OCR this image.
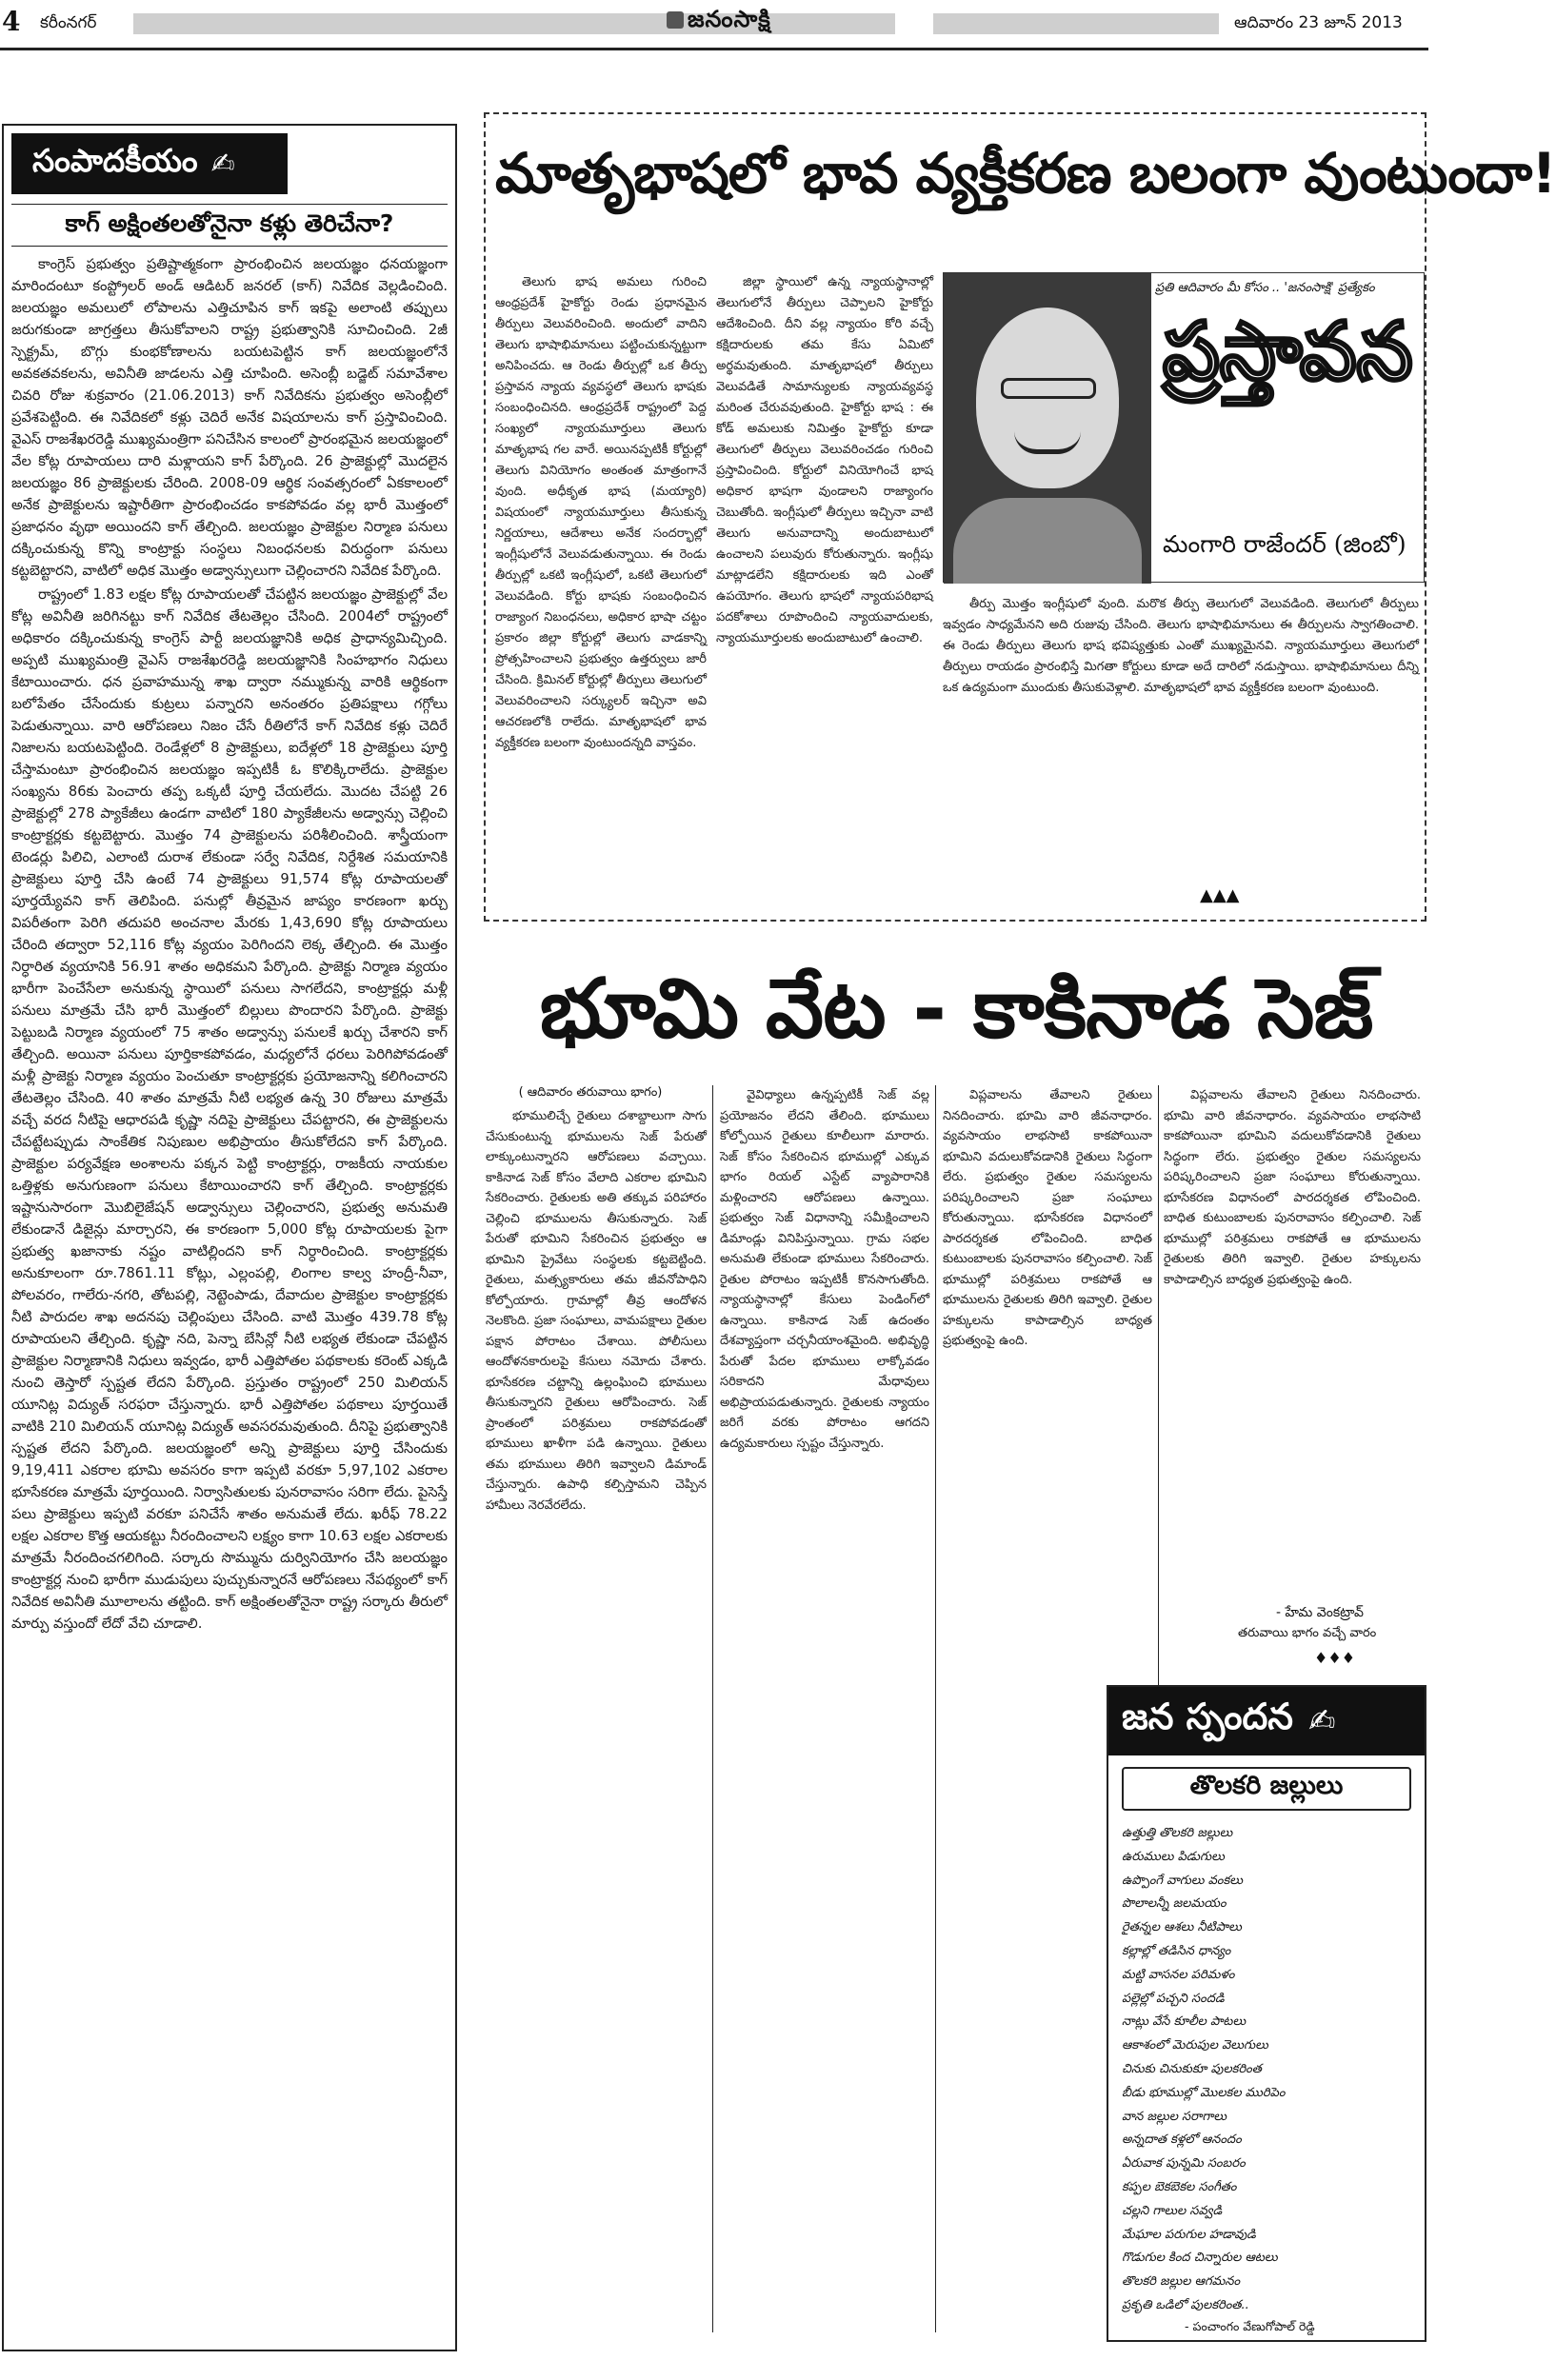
4 కరీంనగర్	జనంసాక్షి	ఆదివారం 23 జూన్ 2013
సంపాదకీయం ✍
కాగ్ అక్షింతలతోనైనా కళ్లు తెరిచేనా?

కాంగ్రెస్ ప్రభుత్వం ప్రతిష్టాత్మకంగా ప్రారంభించిన జలయజ్ఞం ధనయజ్ఞంగా మారిందంటూ కంప్ట్రోలర్ అండ్ ఆడిటర్ జనరల్ (కాగ్) నివేదిక వెల్లడించింది. జలయజ్ఞం అమలులో లోపాలను ఎత్తిచూపిన కాగ్ ఇకపై అలాంటి తప్పులు జరుగకుండా జాగ్రత్తలు తీసుకోవాలని రాష్ట్ర ప్రభుత్వానికి సూచించింది. 2జీ స్పెక్ట్రమ్, బొగ్గు కుంభకోణాలను బయటపెట్టిన కాగ్ జలయజ్ఞంలోనే అవకతవకలను, అవినీతి జాడలను ఎత్తి చూపింది. అసెంబ్లీ బడ్జెట్ సమావేశాల చివరి రోజు శుక్రవారం (21.06.2013) కాగ్ నివేదికను ప్రభుత్వం అసెంబ్లీలో ప్రవేశపెట్టింది. ఈ నివేదికలో కళ్లు చెదిరే అనేక విషయాలను కాగ్ ప్రస్తావించింది. వైఎస్ రాజశేఖరరెడ్డి ముఖ్యమంత్రిగా పనిచేసిన కాలంలో ప్రారంభమైన జలయజ్ఞంలో వేల కోట్ల రూపాయలు దారి మళ్లాయని కాగ్ పేర్కొంది. 26 ప్రాజెక్టుల్లో మొదలైన జలయజ్ఞం 86 ప్రాజెక్టులకు చేరింది. 2008-09 ఆర్థిక సంవత్సరంలో ఏకకాలంలో అనేక ప్రాజెక్టులను ఇష్టారీతిగా ప్రారంభించడం కాకపోవడం వల్ల భారీ మొత్తంలో ప్రజాధనం వృథా అయిందని కాగ్ తేల్చింది. జలయజ్ఞం ప్రాజెక్టుల నిర్మాణ పనులు దక్కించుకున్న కొన్ని కాంట్రాక్టు సంస్థలు నిబంధనలకు విరుద్ధంగా పనులు కట్టబెట్టారని, వాటిలో అధిక మొత్తం అడ్వాన్సులుగా చెల్లించారని నివేదిక పేర్కొంది.

రాష్ట్రంలో 1.83 లక్షల కోట్ల రూపాయలతో చేపట్టిన జలయజ్ఞం ప్రాజెక్టుల్లో వేల కోట్ల అవినీతి జరిగినట్టు కాగ్ నివేదిక తేటతెల్లం చేసింది. 2004లో రాష్ట్రంలో అధికారం దక్కించుకున్న కాంగ్రెస్ పార్టీ జలయజ్ఞానికి అధిక ప్రాధాన్యమిచ్చింది. అప్పటి ముఖ్యమంత్రి వైఎస్ రాజశేఖరరెడ్డి జలయజ్ఞానికి సింహభాగం నిధులు కేటాయించారు. ధన ప్రవాహమున్న శాఖ ద్వారా నమ్ముకున్న వారికి ఆర్థికంగా బలోపేతం చేసేందుకు కుట్రలు పన్నారని అనంతరం ప్రతిపక్షాలు గగ్గోలు పెడుతున్నాయి. వారి ఆరోపణలు నిజం చేసే రీతిలోనే కాగ్ నివేదిక కళ్లు చెదిరే నిజాలను బయటపెట్టింది. రెండేళ్లలో 8 ప్రాజెక్టులు, ఐదేళ్లలో 18 ప్రాజెక్టులు పూర్తి చేస్తామంటూ ప్రారంభించిన జలయజ్ఞం ఇప్పటికీ ఓ కొలిక్కిరాలేదు. ప్రాజెక్టుల సంఖ్యను 86కు పెంచారు తప్ప ఒక్కటీ పూర్తి చేయలేదు. మొదట చేపట్టి 26 ప్రాజెక్టుల్లో 278 ప్యాకేజీలు ఉండగా వాటిలో 180 ప్యాకేజీలను అడ్వాన్సు చెల్లించి కాంట్రాక్టర్లకు కట్టబెట్టారు. మొత్తం 74 ప్రాజెక్టులను పరిశీలించింది. శాస్త్రీయంగా టెండర్లు పిలిచి, ఎలాంటి దురాశ లేకుండా సర్వే నివేదిక, నిర్దేశిత సమయానికి ప్రాజెక్టులు పూర్తి చేసి ఉంటే 74 ప్రాజెక్టులు 91,574 కోట్ల రూపాయలతో పూర్తయ్యేవని కాగ్ తెలిపింది. పనుల్లో తీవ్రమైన జాప్యం కారణంగా ఖర్చు విపరీతంగా పెరిగి తదుపరి అంచనాల మేరకు 1,43,690 కోట్ల రూపాయలు చేరింది తద్వారా 52,116 కోట్ల వ్యయం పెరిగిందని లెక్క తేల్చింది. ఈ మొత్తం నిర్ధారిత వ్యయానికి 56.91 శాతం అధికమని పేర్కొంది. ప్రాజెక్టు నిర్మాణ వ్యయం భారీగా పెంచేసేలా అనుకున్న స్థాయిలో పనులు సాగలేదని, కాంట్రాక్టర్లు మళ్లీ పనులు మాత్రమే చేసి భారీ మొత్తంలో బిల్లులు పొందారని పేర్కొంది. ప్రాజెక్టు పెట్టుబడి నిర్మాణ వ్యయంలో 75 శాతం అడ్వాన్సు పనులకే ఖర్చు చేశారని కాగ్ తేల్చింది. అయినా పనులు పూర్తికాకపోవడం, మధ్యలోనే ధరలు పెరిగిపోవడంతో మళ్లీ ప్రాజెక్టు నిర్మాణ వ్యయం పెంచుతూ కాంట్రాక్టర్లకు ప్రయోజనాన్ని కలిగించారని తేటతెల్లం చేసింది. 40 శాతం మాత్రమే నీటి లభ్యత ఉన్న 30 రోజులు మాత్రమే వచ్చే వరద నీటిపై ఆధారపడి కృష్ణా నదిపై ప్రాజెక్టులు చేపట్టారని, ఈ ప్రాజెక్టులను చేపట్టేటప్పుడు సాంకేతిక నిపుణుల అభిప్రాయం తీసుకోలేదని కాగ్ పేర్కొంది. ప్రాజెక్టుల పర్యవేక్షణ అంశాలను పక్కన పెట్టి కాంట్రాక్టర్లు, రాజకీయ నాయకుల ఒత్తిళ్లకు అనుగుణంగా పనులు కేటాయించారని కాగ్ తేల్చింది. కాంట్రాక్టర్లకు ఇష్టానుసారంగా మొబిలైజేషన్ అడ్వాన్సులు చెల్లించారని, ప్రభుత్వ అనుమతి లేకుండానే డిజైన్లు మార్చారని, ఈ కారణంగా 5,000 కోట్ల రూపాయలకు పైగా ప్రభుత్వ ఖజానాకు నష్టం వాటిల్లిందని కాగ్ నిర్ధారించింది. కాంట్రాక్టర్లకు అనుకూలంగా రూ.7861.11 కోట్లు, ఎల్లంపల్లి, లింగాల కాల్వ హంద్రీ-నీవా, పోలవరం, గాలేరు-నగరి, తోటపల్లి, నెట్టెంపాడు, దేవాదుల ప్రాజెక్టుల కాంట్రాక్టర్లకు నీటి పారుదల శాఖ అదనపు చెల్లింపులు చేసింది. వాటి మొత్తం 439.78 కోట్ల రూపాయలని తేల్చింది. కృష్ణా నది, పెన్నా బేసిన్లో నీటి లభ్యత లేకుండా చేపట్టిన ప్రాజెక్టుల నిర్మాణానికి నిధులు ఇవ్వడం, భారీ ఎత్తిపోతల పథకాలకు కరెంట్ ఎక్కడి నుంచి తెస్తారో స్పష్టత లేదని పేర్కొంది. ప్రస్తుతం రాష్ట్రంలో 250 మిలియన్ యూనిట్ల విద్యుత్ సరఫరా చేస్తున్నారు. భారీ ఎత్తిపోతల పథకాలు పూర్తయితే వాటికి 210 మిలియన్ యూనిట్ల విద్యుత్ అవసరమవుతుంది. దీనిపై ప్రభుత్వానికి స్పష్టత లేదని పేర్కొంది. జలయజ్ఞంలో అన్ని ప్రాజెక్టులు పూర్తి చేసిందుకు 9,19,411 ఎకరాల భూమి అవసరం కాగా ఇప్పటి వరకూ 5,97,102 ఎకరాల భూసేకరణ మాత్రమే పూర్తయింది. నిర్వాసితులకు పునరావాసం సరిగా లేదు. పైసెస్తే పలు ప్రాజెక్టులు ఇప్పటి వరకూ పనిచేసే శాతం అనుమతే లేదు. ఖరీఫ్ 78.22 లక్షల ఎకరాల కొత్త ఆయకట్టు నీరందించాలని లక్ష్యం కాగా 10.63 లక్షల ఎకరాలకు మాత్రమే నీరందించగలిగింది. సర్కారు సొమ్మును దుర్వినియోగం చేసి జలయజ్ఞం కాంట్రాక్టర్ల నుంచి భారీగా ముడుపులు పుచ్చుకున్నారనే ఆరోపణలు నేపథ్యంలో కాగ్ నివేదిక అవినీతి మూలాలను తట్టింది. కాగ్ అక్షింతలతోనైనా రాష్ట్ర సర్కారు తీరులో మార్పు వస్తుందో లేదో వేచి చూడాలి.

మాతృభాషలో భావ వ్యక్తీకరణ బలంగా వుంటుందా!
ప్రతి ఆదివారం మీ కోసం .. 'జనంసాక్షి' ప్రత్యేకం
ప్రస్తావన
మంగారి రాజేందర్ (జింబో)

తెలుగు భాష అమలు గురించి ఆంధ్రప్రదేశ్ హైకోర్టు రెండు ప్రధానమైన తీర్పులు వెలువరించింది. అందులో వాదిని తెలుగు భాషాభిమానులు పట్టించుకున్నట్టుగా అనిపించదు. ఆ రెండు తీర్పుల్లో ఒక తీర్పు ప్రస్తావన న్యాయ వ్యవస్థలో తెలుగు భాషకు సంబంధించినది. ఆంధ్రప్రదేశ్ రాష్ట్రంలో పెద్ద సంఖ్యలో న్యాయమూర్తులు తెలుగు మాతృభాష గల వారే. అయినప్పటికీ కోర్టుల్లో తెలుగు వినియోగం అంతంత మాత్రంగానే వుంది. అధీకృత భాష (మయ్యారి) విషయంలో న్యాయమూర్తులు తీసుకున్న నిర్ణయాలు, ఆదేశాలు అనేక సందర్భాల్లో ఇంగ్లీషులోనే వెలువడుతున్నాయి. ఈ రెండు తీర్పుల్లో ఒకటి ఇంగ్లీషులో, ఒకటి తెలుగులో వెలువడింది. కోర్టు భాషకు సంబంధించిన రాజ్యాంగ నిబంధనలు, అధికార భాషా చట్టం ప్రకారం జిల్లా కోర్టుల్లో తెలుగు వాడకాన్ని ప్రోత్సహించాలని ప్రభుత్వం ఉత్తర్వులు జారీ చేసింది. క్రిమినల్ కోర్టుల్లో తీర్పులు తెలుగులో వెలువరించాలని సర్క్యులర్ ఇచ్చినా అవి ఆచరణలోకి రాలేదు. మాతృభాషలో భావ వ్యక్తీకరణ బలంగా వుంటుందన్నది వాస్తవం.

జిల్లా స్థాయిలో ఉన్న న్యాయస్థానాల్లో తెలుగులోనే తీర్పులు చెప్పాలని హైకోర్టు ఆదేశించింది. దీని వల్ల న్యాయం కోరి వచ్చే కక్షిదారులకు తమ కేసు ఏమిటో అర్థమవుతుంది. మాతృభాషలో తీర్పులు వెలువడితే సామాన్యులకు న్యాయవ్యవస్థ మరింత చేరువవుతుంది. హైకోర్టు భాష : ఈ కోడ్ అమలుకు నిమిత్తం హైకోర్టు కూడా తెలుగులో తీర్పులు వెలువరించడం గురించి ప్రస్తావించింది. కోర్టులో వినియోగించే భాష అధికార భాషగా వుండాలని రాజ్యాంగం చెబుతోంది. ఇంగ్లీషులో తీర్పులు ఇచ్చినా వాటి తెలుగు అనువాదాన్ని అందుబాటులో ఉంచాలని పలువురు కోరుతున్నారు. ఇంగ్లీషు మాట్లాడలేని కక్షిదారులకు ఇది ఎంతో ఉపయోగం. తెలుగు భాషలో న్యాయపరిభాష పదకోశాలు రూపొందించి న్యాయవాదులకు, న్యాయమూర్తులకు అందుబాటులో ఉంచాలి.

తీర్పు మొత్తం ఇంగ్లీషులో వుంది. మరొక తీర్పు తెలుగులో వెలువడింది. తెలుగులో తీర్పులు ఇవ్వడం సాధ్యమేనని అది రుజువు చేసింది. తెలుగు భాషాభిమానులు ఈ తీర్పులను స్వాగతించాలి. ఈ రెండు తీర్పులు తెలుగు భాష భవిష్యత్తుకు ఎంతో ముఖ్యమైనవి. న్యాయమూర్తులు తెలుగులో తీర్పులు రాయడం ప్రారంభిస్తే మిగతా కోర్టులు కూడా అదే దారిలో నడుస్తాయి. భాషాభిమానులు దీన్ని ఒక ఉద్యమంగా ముందుకు తీసుకువెళ్లాలి. మాతృభాషలో భావ వ్యక్తీకరణ బలంగా వుంటుంది.

▲▲▲
భూమి వేట - కాకినాడ సెజ్
( ఆదివారం తరువాయి భాగం)

భూములిచ్చే రైతులు దశాబ్దాలుగా సాగు చేసుకుంటున్న భూములను సెజ్ పేరుతో లాక్కుంటున్నారని ఆరోపణలు వచ్చాయి. కాకినాడ సెజ్ కోసం వేలాది ఎకరాల భూమిని సేకరించారు. రైతులకు అతి తక్కువ పరిహారం చెల్లించి భూములను తీసుకున్నారు. సెజ్ పేరుతో భూమిని సేకరించిన ప్రభుత్వం ఆ భూమిని ప్రైవేటు సంస్థలకు కట్టబెట్టింది. రైతులు, మత్స్యకారులు తమ జీవనోపాధిని కోల్పోయారు. గ్రామాల్లో తీవ్ర ఆందోళన నెలకొంది. ప్రజా సంఘాలు, వామపక్షాలు రైతుల పక్షాన పోరాటం చేశాయి. పోలీసులు ఆందోళనకారులపై కేసులు నమోదు చేశారు. భూసేకరణ చట్టాన్ని ఉల్లంఘించి భూములు తీసుకున్నారని రైతులు ఆరోపించారు. సెజ్ ప్రాంతంలో పరిశ్రమలు రాకపోవడంతో భూములు ఖాళీగా పడి ఉన్నాయి. రైతులు తమ భూములు తిరిగి ఇవ్వాలని డిమాండ్ చేస్తున్నారు. ఉపాధి కల్పిస్తామని చెప్పిన హామీలు నెరవేరలేదు.

వైవిధ్యాలు ఉన్నప్పటికీ సెజ్ వల్ల ప్రయోజనం లేదని తేలింది. భూములు కోల్పోయిన రైతులు కూలీలుగా మారారు. సెజ్ కోసం సేకరించిన భూముల్లో ఎక్కువ భాగం రియల్ ఎస్టేట్ వ్యాపారానికి మళ్లించారని ఆరోపణలు ఉన్నాయి. ప్రభుత్వం సెజ్ విధానాన్ని సమీక్షించాలని డిమాండ్లు వినిపిస్తున్నాయి. గ్రామ సభల అనుమతి లేకుండా భూములు సేకరించారు. రైతుల పోరాటం ఇప్పటికీ కొనసాగుతోంది. న్యాయస్థానాల్లో కేసులు పెండింగ్‌లో ఉన్నాయి. కాకినాడ సెజ్ ఉదంతం దేశవ్యాప్తంగా చర్చనీయాంశమైంది. అభివృద్ధి పేరుతో పేదల భూములు లాక్కోవడం సరికాదని మేధావులు అభిప్రాయపడుతున్నారు. రైతులకు న్యాయం జరిగే వరకు పోరాటం ఆగదని ఉద్యమకారులు స్పష్టం చేస్తున్నారు.

విప్లవాలను తేవాలని రైతులు నినదించారు. భూమి వారి జీవనాధారం. వ్యవసాయం లాభసాటి కాకపోయినా భూమిని వదులుకోవడానికి రైతులు సిద్ధంగా లేరు. ప్రభుత్వం రైతుల సమస్యలను పరిష్కరించాలని ప్రజా సంఘాలు కోరుతున్నాయి. భూసేకరణ విధానంలో పారదర్శకత లోపించింది. బాధిత కుటుంబాలకు పునరావాసం కల్పించాలి. సెజ్ భూముల్లో పరిశ్రమలు రాకపోతే ఆ భూములను రైతులకు తిరిగి ఇవ్వాలి. రైతుల హక్కులను కాపాడాల్సిన బాధ్యత ప్రభుత్వంపై ఉంది.

విప్లవాలను తేవాలని రైతులు నినదించారు. భూమి వారి జీవనాధారం. వ్యవసాయం లాభసాటి కాకపోయినా భూమిని వదులుకోవడానికి రైతులు సిద్ధంగా లేరు. ప్రభుత్వం రైతుల సమస్యలను పరిష్కరించాలని ప్రజా సంఘాలు కోరుతున్నాయి. భూసేకరణ విధానంలో పారదర్శకత లోపించింది. బాధిత కుటుంబాలకు పునరావాసం కల్పించాలి. సెజ్ భూముల్లో పరిశ్రమలు రాకపోతే ఆ భూములను రైతులకు తిరిగి ఇవ్వాలి. రైతుల హక్కులను కాపాడాల్సిన బాధ్యత ప్రభుత్వంపై ఉంది.

- హేమ వెంకట్రావ్
తరువాయి భాగం వచ్చే వారం
♦♦♦
జన స్పందన ✍
తొలకరి జల్లులు
ఉత్తుత్తి తొలకరి జల్లులు
ఉరుములు పిడుగులు
ఉప్పొంగే వాగులు వంకలు
పొలాలన్నీ జలమయం
రైతన్నల ఆశలు నీటిపాలు
కల్లాల్లో తడిసిన ధాన్యం
మట్టి వాసనల పరిమళం
పల్లెల్లో పచ్చని సందడి
నాట్లు వేసే కూలీల పాటలు
ఆకాశంలో మెరుపుల వెలుగులు
చినుకు చినుకుకూ పులకరింత
బీడు భూముల్లో మొలకల మురిపెం
వాన జల్లుల సరాగాలు
అన్నదాత కళ్లలో ఆనందం
ఏరువాక పున్నమి సంబరం
కప్పల బెకబెకల సంగీతం
చల్లని గాలుల సవ్వడి
మేఘాల పరుగుల హడావుడి
గొడుగుల కింద చిన్నారుల ఆటలు
తొలకరి జల్లుల ఆగమనం
ప్రకృతి ఒడిలో పులకరింత..
- పంచాంగం వేణుగోపాల్ రెడ్డి
